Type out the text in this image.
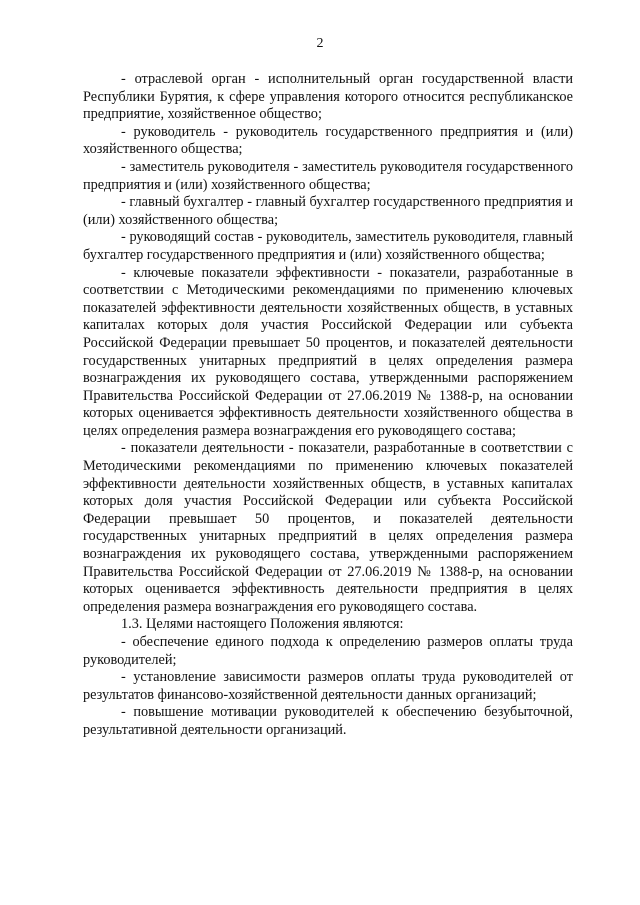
2

- отраслевой орган - исполнительный орган государственной власти Республики Бурятия, к сфере управления которого относится республиканское предприятие, хозяйственное общество;

- руководитель - руководитель государственного предприятия и (или) хозяйственного общества;

- заместитель руководителя - заместитель руководителя государственного предприятия и (или) хозяйственного общества;

- главный бухгалтер - главный бухгалтер государственного предприятия и (или) хозяйственного общества;

- руководящий состав - руководитель, заместитель руководителя, главный бухгалтер государственного предприятия и (или) хозяйственного общества;

- ключевые показатели эффективности - показатели, разработанные в соответствии с Методическими рекомендациями по применению ключевых показателей эффективности деятельности хозяйственных обществ, в уставных капиталах которых доля участия Российской Федерации или субъекта Российской Федерации превышает 50 процентов, и показателей деятельности государственных унитарных предприятий в целях определения размера вознаграждения их руководящего состава, утвержденными распоряжением Правительства Российской Федерации от 27.06.2019 № 1388-р, на основании которых оценивается эффективность деятельности хозяйственного общества в целях определения размера вознаграждения его руководящего состава;

- показатели деятельности - показатели, разработанные в соответствии с Методическими рекомендациями по применению ключевых показателей эффективности деятельности хозяйственных обществ, в уставных капиталах которых доля участия Российской Федерации или субъекта Российской Федерации превышает 50 процентов, и показателей деятельности государственных унитарных предприятий в целях определения размера вознаграждения их руководящего состава, утвержденными распоряжением Правительства Российской Федерации от 27.06.2019 № 1388-р, на основании которых оценивается эффективность деятельности предприятия в целях определения размера вознаграждения его руководящего состава.

1.3. Целями настоящего Положения являются:

- обеспечение единого подхода к определению размеров оплаты труда руководителей;

- установление зависимости размеров оплаты труда руководителей от результатов финансово-хозяйственной деятельности данных организаций;

- повышение мотивации руководителей к обеспечению безубыточной, результативной деятельности организаций.
